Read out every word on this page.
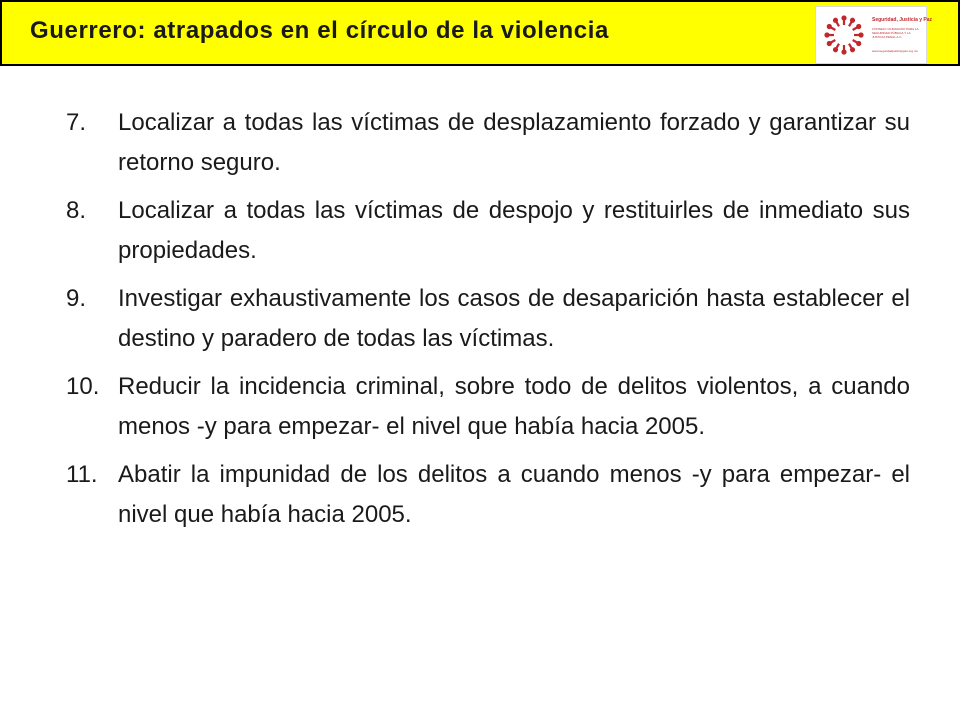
Guerrero: atrapados en el círculo de la violencia	Seguridad, Justicia y Paz
CONSEJO CIUDADANO PARA LA SEGURIDAD PÚBLICA Y LA JUSTICIA PENAL A.C.
www.seguridadjusticiaypaz.org.mx
7.	Localizar a todas las víctimas de desplazamiento forzado y garantizar su retorno seguro.
8.	Localizar a todas las víctimas de despojo y restituirles de inmediato sus propiedades.
9.	Investigar exhaustivamente los casos de desaparición hasta establecer el destino y paradero de todas las víctimas.
10. Reducir la incidencia criminal, sobre todo de delitos violentos, a cuando menos -y para empezar- el nivel que había hacia 2005.
11. Abatir la impunidad de los delitos a cuando menos -y para empezar- el nivel que había hacia 2005.
